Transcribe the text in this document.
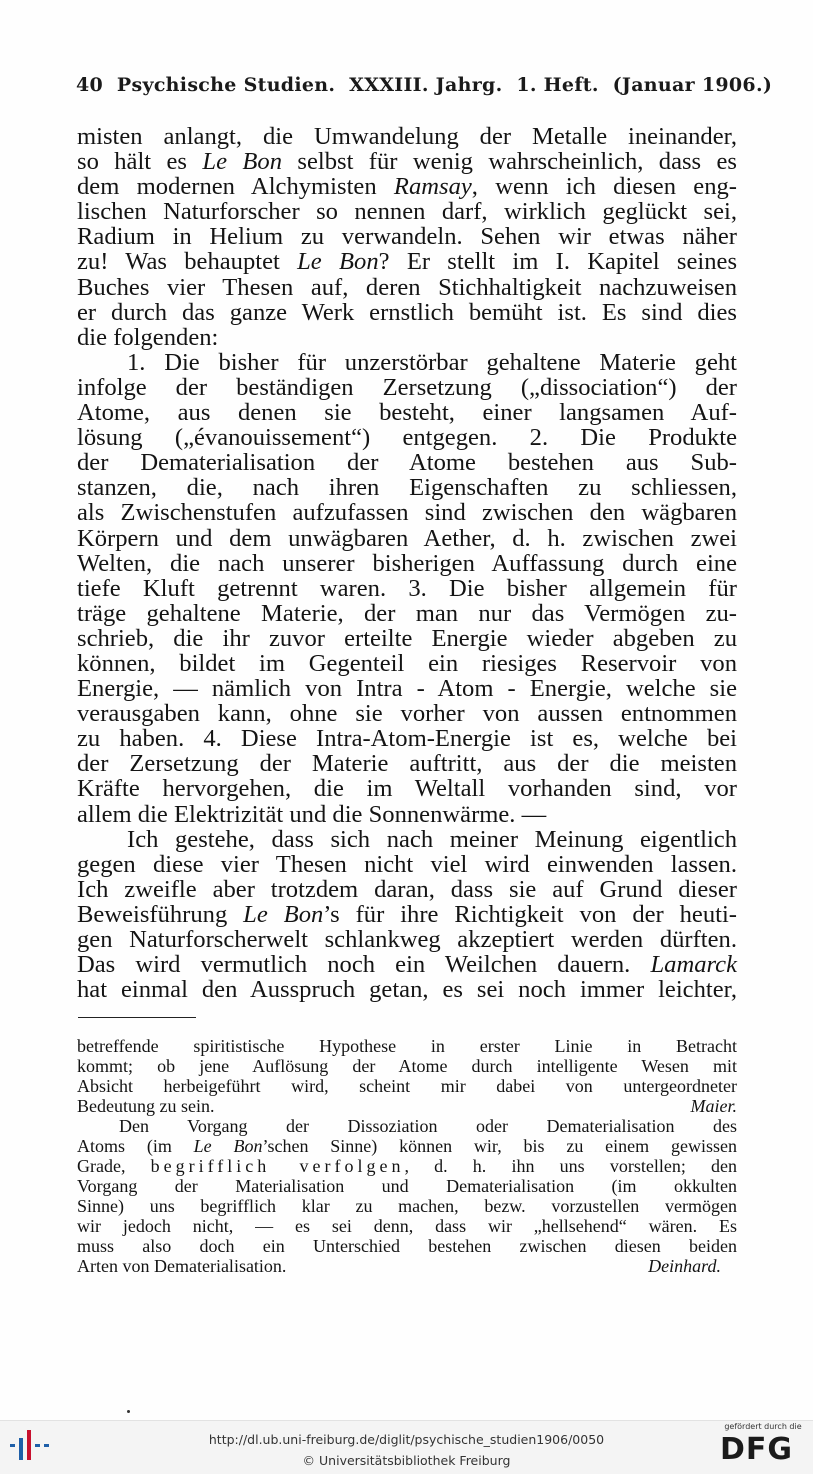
40 Psychische Studien.  XXXIII. Jahrg.  1. Heft.  (Januar 1906.)
misten anlangt, die Umwandelung der Metalle ineinander,
so hält es Le Bon selbst für wenig wahrscheinlich, dass es
dem modernen Alchymisten Ramsay, wenn ich diesen eng-
lischen Naturforscher so nennen darf, wirklich geglückt sei,
Radium in Helium zu verwandeln. Sehen wir etwas näher
zu! Was behauptet Le Bon? Er stellt im I. Kapitel seines
Buches vier Thesen auf, deren Stichhaltigkeit nachzuweisen
er durch das ganze Werk ernstlich bemüht ist. Es sind dies
die folgenden:
1. Die bisher für unzerstörbar gehaltene Materie geht
infolge der beständigen Zersetzung („dissociation“) der
Atome, aus denen sie besteht, einer langsamen Auf-
lösung („évanouissement“) entgegen. 2. Die Produkte
der Dematerialisation der Atome bestehen aus Sub-
stanzen, die, nach ihren Eigenschaften zu schliessen,
als Zwischenstufen aufzufassen sind zwischen den wägbaren
Körpern und dem unwägbaren Aether, d. h. zwischen zwei
Welten, die nach unserer bisherigen Auffassung durch eine
tiefe Kluft getrennt waren. 3. Die bisher allgemein für
träge gehaltene Materie, der man nur das Vermögen zu-
schrieb, die ihr zuvor erteilte Energie wieder abgeben zu
können, bildet im Gegenteil ein riesiges Reservoir von
Energie, — nämlich von Intra - Atom - Energie, welche sie
verausgaben kann, ohne sie vorher von aussen entnommen
zu haben. 4. Diese Intra-Atom-Energie ist es, welche bei
der Zersetzung der Materie auftritt, aus der die meisten
Kräfte hervorgehen, die im Weltall vorhanden sind, vor
allem die Elektrizität und die Sonnenwärme. —
Ich gestehe, dass sich nach meiner Meinung eigentlich
gegen diese vier Thesen nicht viel wird einwenden lassen.
Ich zweifle aber trotzdem daran, dass sie auf Grund dieser
Beweisführung Le Bon’s für ihre Richtigkeit von der heuti-
gen Naturforscherwelt schlankweg akzeptiert werden dürften.
Das wird vermutlich noch ein Weilchen dauern. Lamarck
hat einmal den Ausspruch getan, es sei noch immer leichter,
betreffende spiritistische Hypothese in erster Linie in Betracht
kommt; ob jene Auflösung der Atome durch intelligente Wesen mit
Absicht herbeigeführt wird, scheint mir dabei von untergeordneter
Bedeutung zu sein.	Maier.
Den Vorgang der Dissoziation oder Dematerialisation des
Atoms (im Le Bon’schen Sinne) können wir, bis zu einem gewissen
Grade, begrifflich verfolgen, d. h. ihn uns vorstellen; den
Vorgang der Materialisation und Dematerialisation (im okkulten
Sinne) uns begrifflich klar zu machen, bezw. vorzustellen vermögen
wir jedoch nicht, — es sei denn, dass wir „hellsehend“ wären. Es
muss also doch ein Unterschied bestehen zwischen diesen beiden
Arten von Dematerialisation.	Deinhard.
http://dl.ub.uni-freiburg.de/diglit/psychische_studien1906/0050
© Universitätsbibliothek Freiburg
gefördert durch die
DFG
